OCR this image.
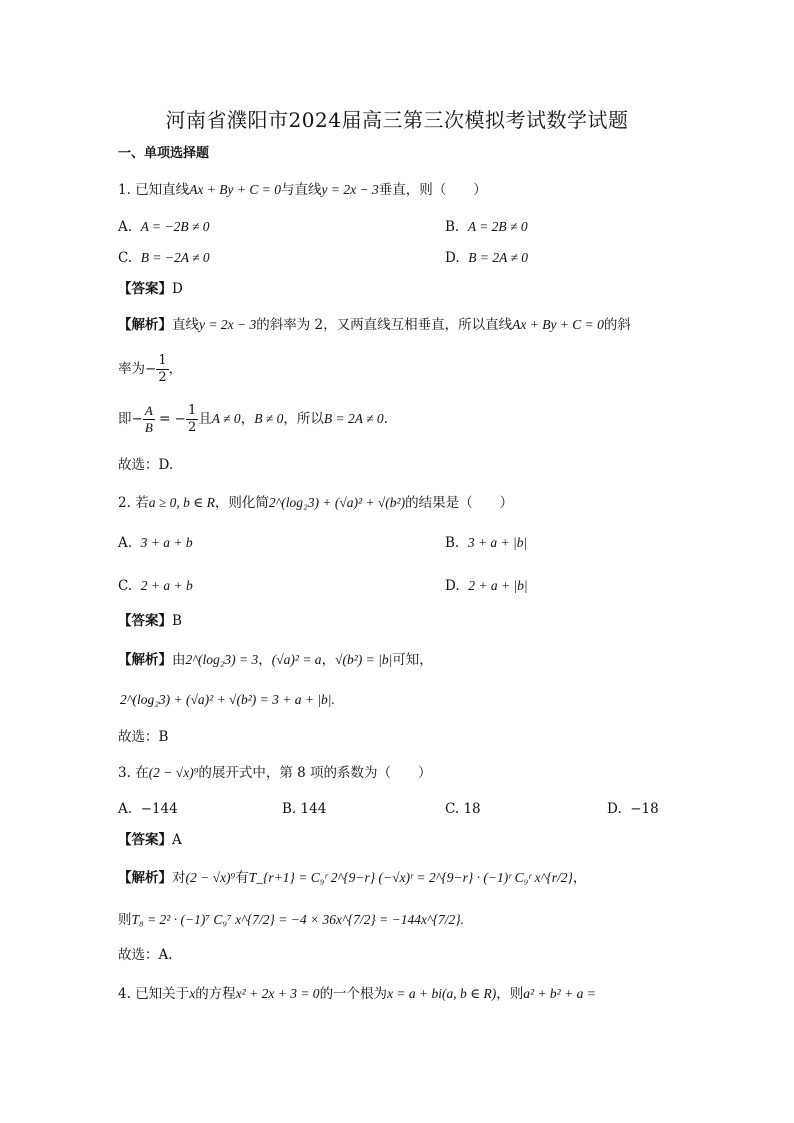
河南省濮阳市2024届高三第三次模拟考试数学试题
一、单项选择题
1. 已知直线Ax + By + C = 0与直线y = 2x − 3垂直，则（　　）
A. A = −2B ≠ 0	B. A = 2B ≠ 0
C. B = −2A ≠ 0	D. B = 2A ≠ 0
【答案】D
【解析】直线y = 2x − 3的斜率为 2，又两直线互相垂直，所以直线Ax + By + C = 0的斜
率为− $\frac{1}{2}$ ，
即− $\frac{A}{B}$ = − $\frac{1}{2}$ 且A ≠ 0，B ≠ 0，所以B = 2A ≠ 0.
故选：D.
2. 若a ≥ 0, b ∈ R，则化简2^(log₂3) + (√a)² + √(b²)的结果是（　　）
A. 3 + a + b	B. 3 + a + |b|
C. 2 + a + b	D. 2 + a + |b|
【答案】B
【解析】由2^(log₂3) = 3，(√a)² = a，√(b²) = |b|可知，
2^(log₂3) + (√a)² + √(b²) = 3 + a + |b|.
故选：B
3. 在(2 − √x)⁹的展开式中，第 8 项的系数为（　　）
A. −144	B. 144	C. 18	D. −18
【答案】A
【解析】对(2 − √x)⁹有T_{r+1} = C₉ʳ 2^{9−r} (−√x)ʳ = 2^{9−r} · (−1)ʳ C₉ʳ x^{r/2}，
则T₈ = 2² · (−1)⁷ C₉⁷ x^{7/2} = −4 × 36x^{7/2} = −144x^{7/2}.
故选：A.
4. 已知关于x的方程x² + 2x + 3 = 0的一个根为x = a + bi(a, b ∈ R)，则a² + b² + a =
